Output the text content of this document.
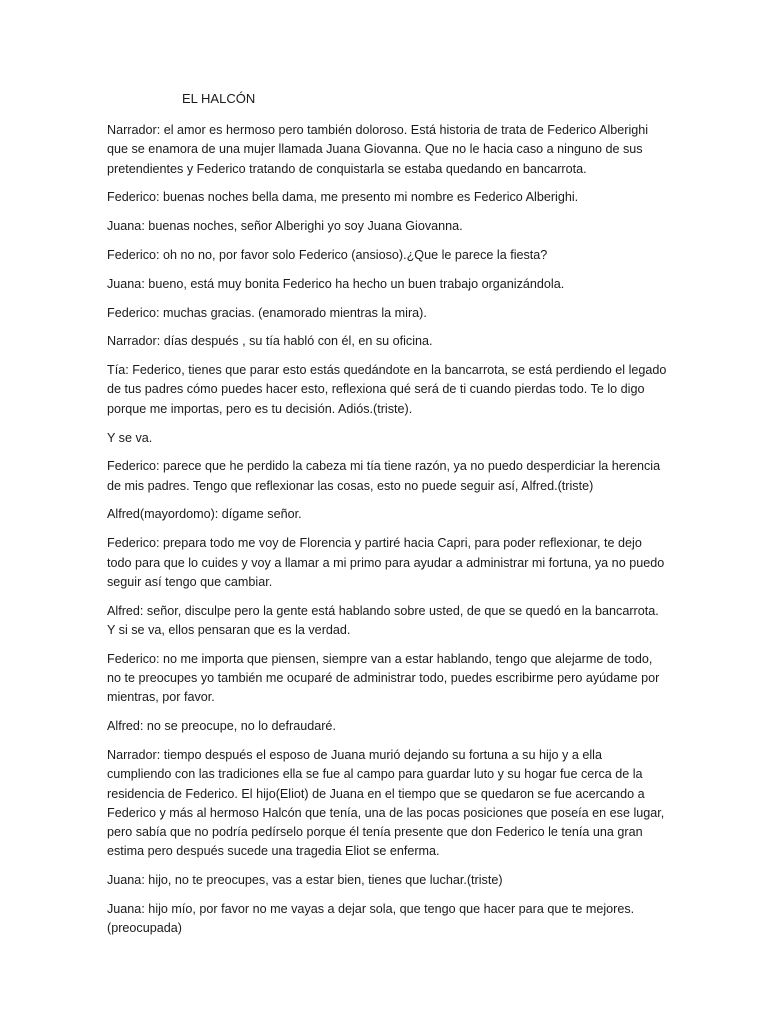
EL HALCÓN

Narrador: el amor es hermoso pero también doloroso. Está historia de trata de Federico Alberighi que se enamora de una mujer llamada Juana Giovanna. Que no le hacia caso a ninguno de sus pretendientes y Federico tratando de conquistarla se estaba quedando en bancarrota.

Federico: buenas noches bella dama, me presento mi nombre es Federico Alberighi.

Juana: buenas noches, señor Alberighi yo soy Juana Giovanna.

Federico: oh no no, por favor solo Federico (ansioso).¿Que le parece la fiesta?

Juana: bueno, está muy bonita Federico ha hecho un buen trabajo organizándola.

Federico: muchas gracias. (enamorado mientras la mira).

Narrador: días después , su tía habló con él, en su oficina.

Tía: Federico, tienes que parar esto estás quedándote en la bancarrota, se está perdiendo el legado de tus padres cómo puedes hacer esto, reflexiona qué será de ti cuando pierdas todo. Te lo digo porque me importas, pero es tu decisión. Adiós.(triste).

Y se va.

Federico: parece que he perdido la cabeza mi tía tiene razón, ya no puedo desperdiciar la herencia de mis padres. Tengo que reflexionar las cosas, esto no puede seguir así, Alfred.(triste)

Alfred(mayordomo): dígame señor.

Federico: prepara todo me voy de Florencia y partiré hacia Capri, para poder reflexionar, te dejo todo para que lo cuides y voy a llamar a mi primo para ayudar a administrar mi fortuna, ya no puedo seguir así tengo que cambiar.

Alfred: señor, disculpe pero la gente está hablando sobre usted, de que se quedó en la bancarrota. Y si se va, ellos pensaran que es la verdad.

Federico: no me importa que piensen, siempre van a estar hablando, tengo que alejarme de todo, no te preocupes yo también me ocuparé de administrar todo, puedes escribirme pero ayúdame por mientras, por favor.

Alfred: no se preocupe, no lo defraudaré.

Narrador: tiempo después el esposo de Juana murió dejando su fortuna a su hijo y a ella cumpliendo con las tradiciones ella se fue al campo para guardar luto y su hogar fue cerca de la residencia de Federico. El hijo(Eliot) de Juana en el tiempo que se quedaron se fue acercando a Federico y más al hermoso Halcón que tenía, una de las pocas posiciones que poseía en ese lugar, pero sabía que no podría pedírselo porque él tenía presente que don Federico le tenía una gran estima pero después sucede una tragedia Eliot se enferma.

Juana: hijo, no te preocupes, vas a estar bien, tienes que luchar.(triste)

Juana: hijo mío, por favor no me vayas a dejar sola, que tengo que hacer para que te mejores.(preocupada)
